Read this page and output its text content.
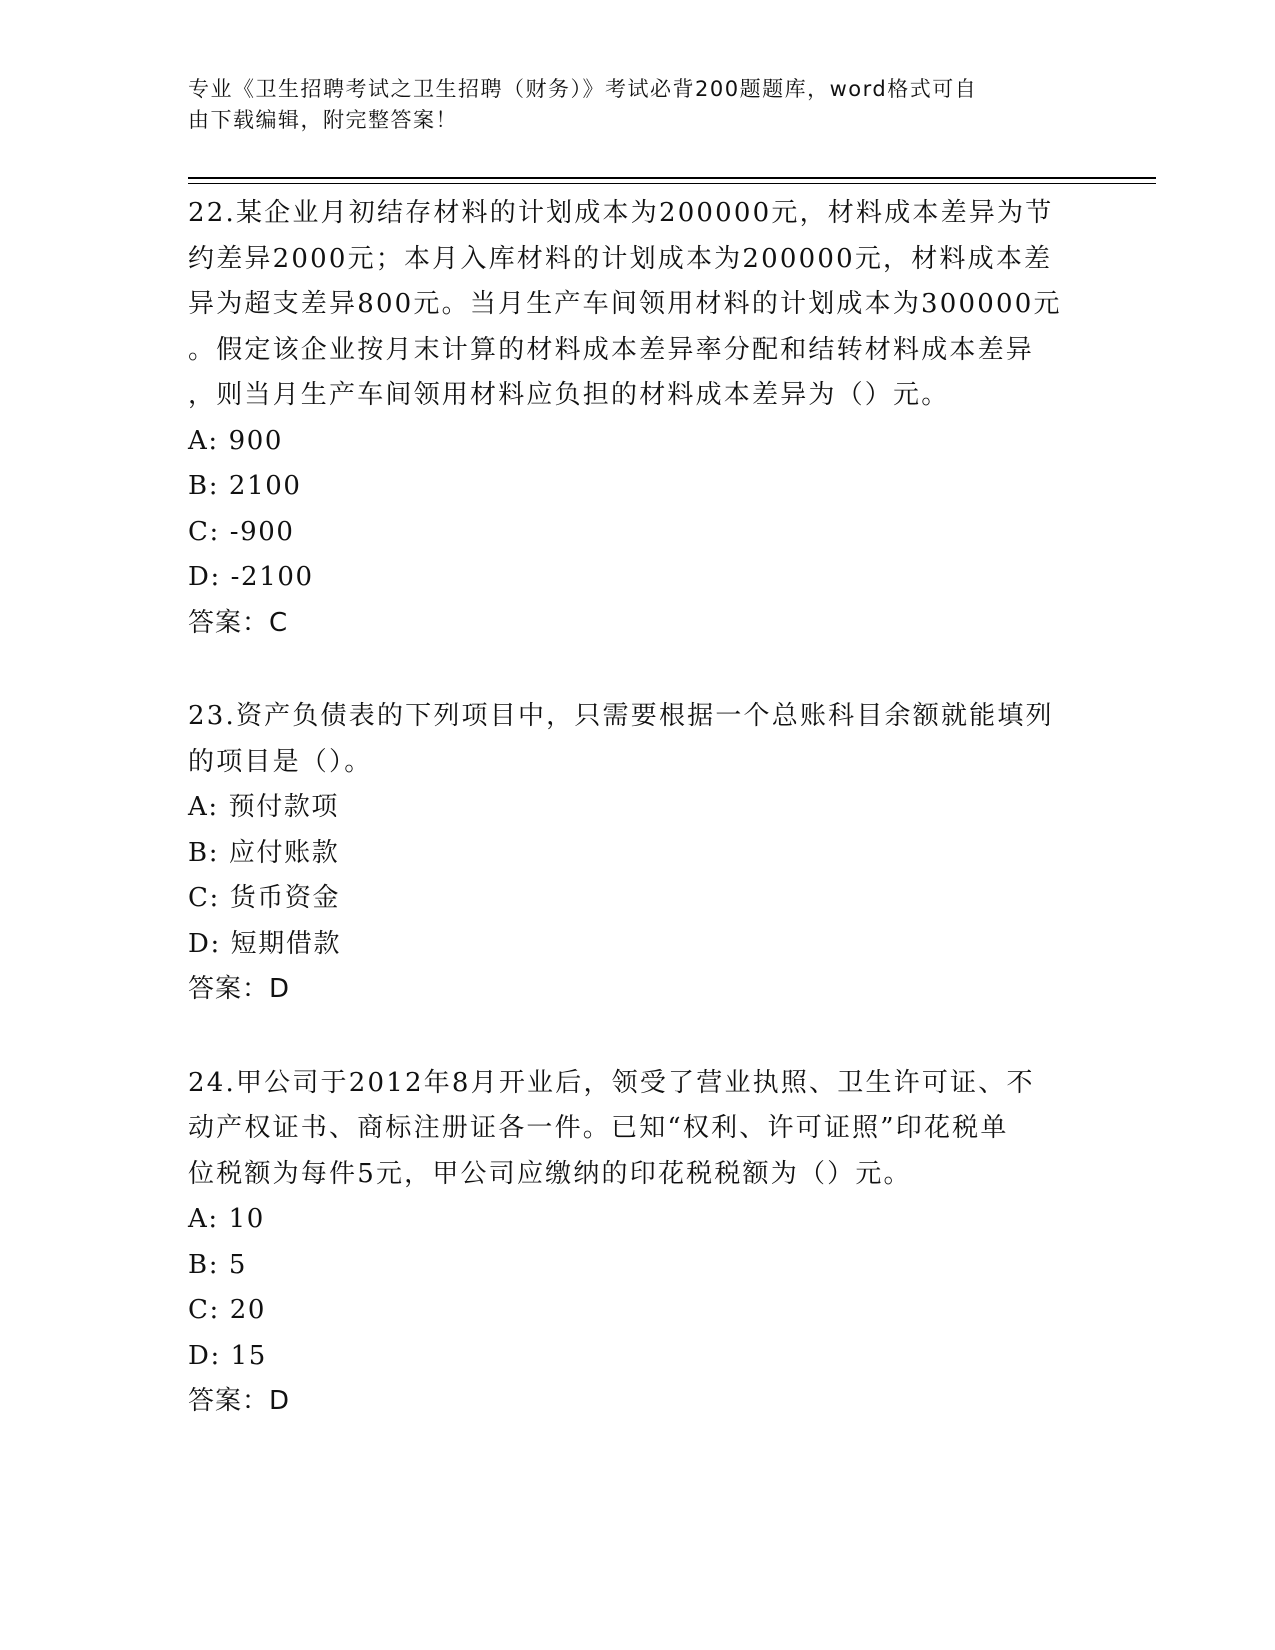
专业《卫生招聘考试之卫生招聘（财务）》考试必背200题题库，word格式可自
由下载编辑，附完整答案！
22.某企业月初结存材料的计划成本为200000元，材料成本差异为节
约差异2000元；本月入库材料的计划成本为200000元，材料成本差
异为超支差异800元。当月生产车间领用材料的计划成本为300000元
。假定该企业按月末计算的材料成本差异率分配和结转材料成本差异
，则当月生产车间领用材料应负担的材料成本差异为（）元。
A: 900
B: 2100
C: -900
D: -2100
答案：C
23.资产负债表的下列项目中，只需要根据一个总账科目余额就能填列
的项目是（）。
A: 预付款项
B: 应付账款
C: 货币资金
D: 短期借款
答案：D
24.甲公司于2012年8月开业后，领受了营业执照、卫生许可证、不
动产权证书、商标注册证各一件。已知“权利、许可证照”印花税单
位税额为每件5元，甲公司应缴纳的印花税税额为（）元。
A: 10
B: 5
C: 20
D: 15
答案：D
